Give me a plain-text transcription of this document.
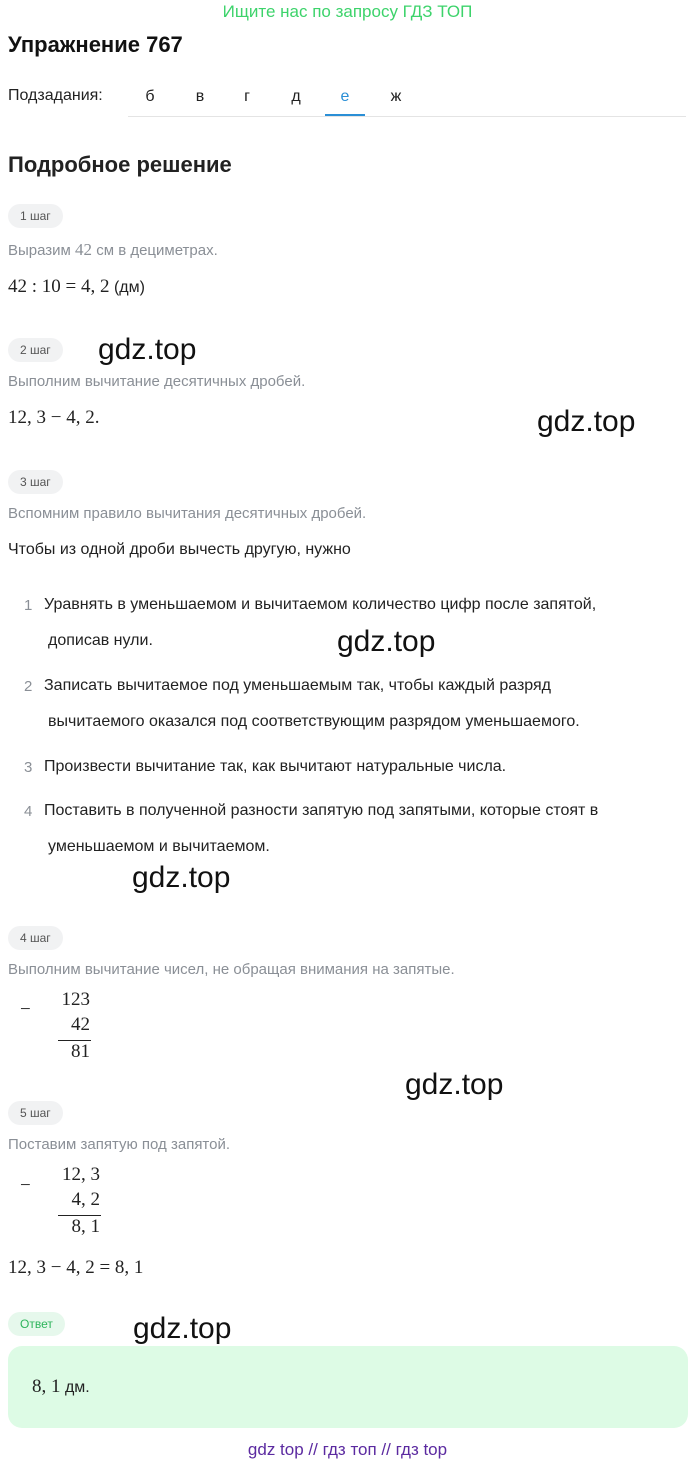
Ищите нас по запросу ГДЗ ТОП
Упражнение 767
Подзадания:	б	в	г	д	е	ж
Подробное решение
1 шаг
Выразим 42 см в дециметрах.
42 : 10 = 4, 2 (дм)
2 шаг
Выполним вычитание десятичных дробей.
12, 3 − 4, 2.
3 шаг
Вспомним правило вычитания десятичных дробей.
Чтобы из одной дроби вычесть другую, нужно
1 Уравнять в уменьшаемом и вычитаемом количество цифр после запятой,
дописав нули.
2 Записать вычитаемое под уменьшаемым так, чтобы каждый разряд
вычитаемого оказался под соответствующим разрядом уменьшаемого.
3 Произвести вычитание так, как вычитают натуральные числа.
4 Поставить в полученной разности запятую под запятыми, которые стоят в
уменьшаемом и вычитаемом.
4 шаг
Выполним вычитание чисел, не обращая внимания на запятые.
−	123
42
81
5 шаг
Поставим запятую под запятой.
−
12, 3
4, 2
8, 1
12, 3 − 4, 2 = 8, 1
Ответ
8, 1 дм.
gdz.top
gdz.top
gdz.top
gdz.top
gdz.top
gdz.top
gdz top // гдз топ // гдз top
